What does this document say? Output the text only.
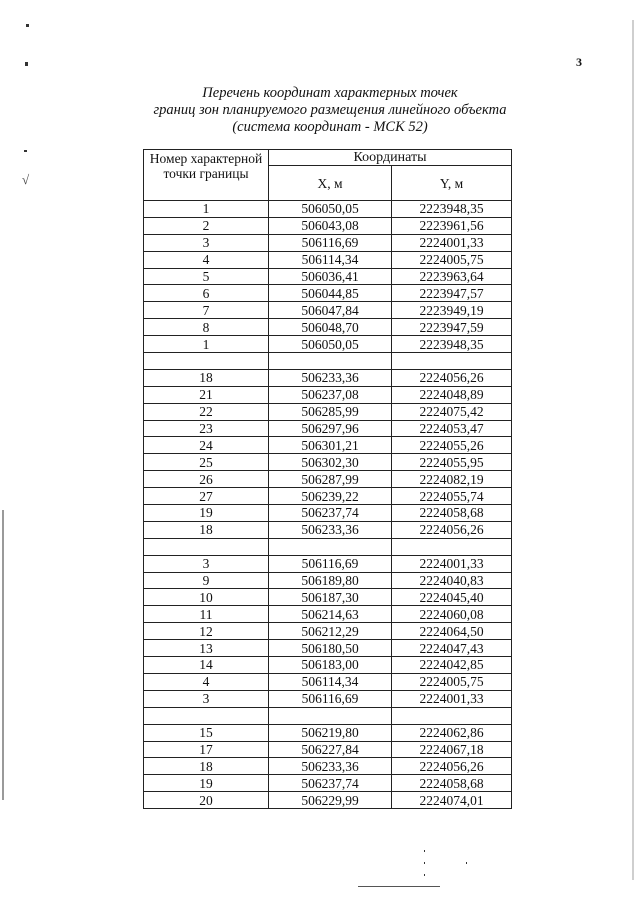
√
3
Перечень координат характерных точек
границ зон планируемого размещения линейного объекта
(система координат - МСК 52)
Номер характерной точки границы	Координаты	
	X, м	Y, м
1	506050,05	2223948,35
2	506043,08	2223961,56
3	506116,69	2224001,33
4	506114,34	2224005,75
5	506036,41	2223963,64
6	506044,85	2223947,57
7	506047,84	2223949,19
8	506048,70	2223947,59
1	506050,05	2223948,35

18	506233,36	2224056,26
21	506237,08	2224048,89
22	506285,99	2224075,42
23	506297,96	2224053,47
24	506301,21	2224055,26
25	506302,30	2224055,95
26	506287,99	2224082,19
27	506239,22	2224055,74
19	506237,74	2224058,68
18	506233,36	2224056,26

3	506116,69	2224001,33
9	506189,80	2224040,83
10	506187,30	2224045,40
11	506214,63	2224060,08
12	506212,29	2224064,50
13	506180,50	2224047,43
14	506183,00	2224042,85
4	506114,34	2224005,75
3	506116,69	2224001,33

15	506219,80	2224062,86
17	506227,84	2224067,18
18	506233,36	2224056,26
19	506237,74	2224058,68
20	506229,99	2224074,01
